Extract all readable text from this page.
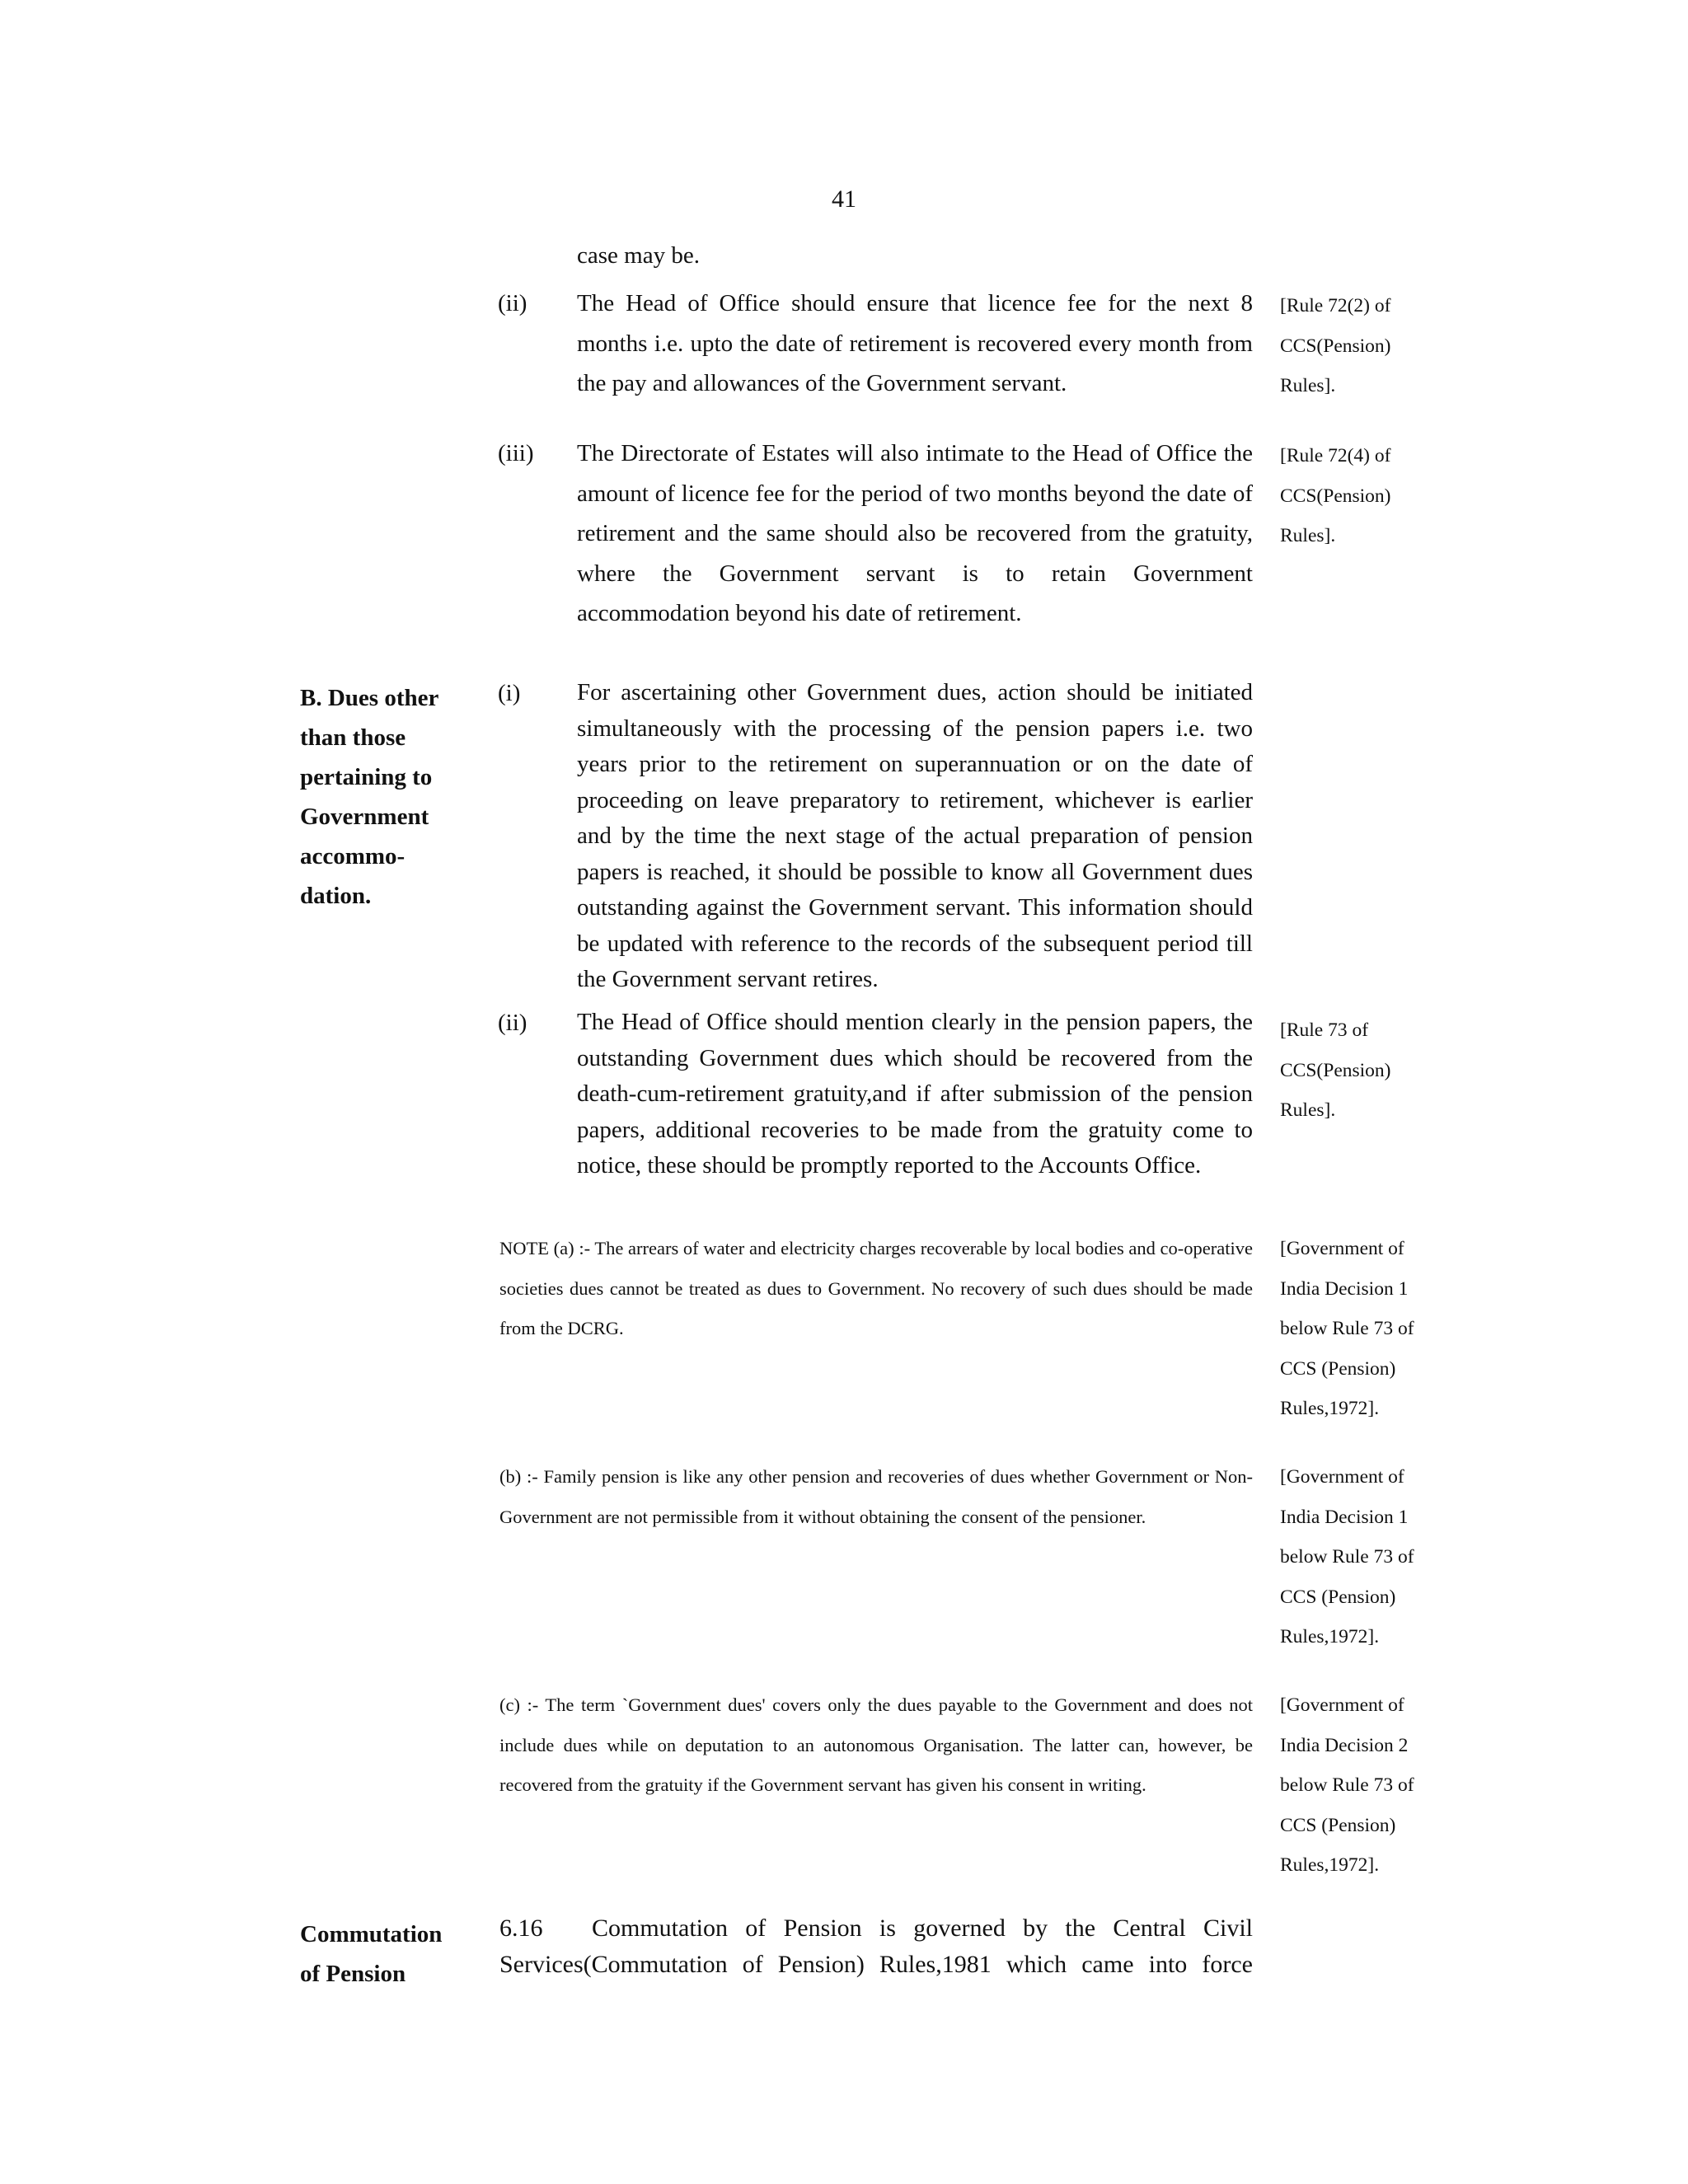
41
case may be.
(ii) The Head of Office should ensure that licence fee for the next 8 months i.e. upto the date of retirement is recovered every month from the pay and allowances of the Government servant.
[Rule 72(2) of
CCS(Pension)
Rules].
(iii) The Directorate of Estates will also intimate to the Head of Office the amount of licence fee for the period of two months beyond the date of retirement and the same should also be recovered from the gratuity, where the Government servant is to retain Government accommodation beyond his date of retirement.
[Rule 72(4) of
CCS(Pension)
Rules].
B. Dues other
than those
pertaining to
Government
accommo-
dation.
(i) For ascertaining other Government dues, action should be initiated simultaneously with the processing of the pension papers i.e. two years prior to the retirement on superannuation or on the date of proceeding on leave preparatory to retirement, whichever is earlier and by the time the next stage of the actual preparation of pension papers is reached, it should be possible to know all Government dues outstanding against the Government servant. This information should be updated with reference to the records of the subsequent period till the Government servant retires.
(ii) The Head of Office should mention clearly in the pension papers, the outstanding Government dues which should be recovered from the death-cum-retirement gratuity,and if after submission of the pension papers, additional recoveries to be made from the gratuity come to notice, these should be promptly reported to the Accounts Office.
[Rule 73 of
CCS(Pension)
Rules].
NOTE (a) :- The arrears of water and electricity charges recoverable by local bodies and co-operative societies dues cannot be treated as dues to Government. No recovery of such dues should be made from the DCRG.
[Government of
India Decision 1
below Rule 73 of
CCS (Pension)
Rules,1972].
(b) :- Family pension is like any other pension and recoveries of dues whether Government or Non-Government are not permissible from it without obtaining the consent of the pensioner.
[Government of
India Decision 1
below Rule 73 of
CCS (Pension)
Rules,1972].
(c) :- The term `Government dues' covers only the dues payable to the Government and does not include dues while on deputation to an autonomous Organisation. The latter can, however, be recovered from the gratuity if the Government servant has given his consent in writing.
[Government of
India Decision 2
below Rule 73 of
CCS (Pension)
Rules,1972].
Commutation
of Pension
6.16	Commutation of Pension is governed by the Central Civil Services(Commutation of Pension) Rules,1981 which came into force
